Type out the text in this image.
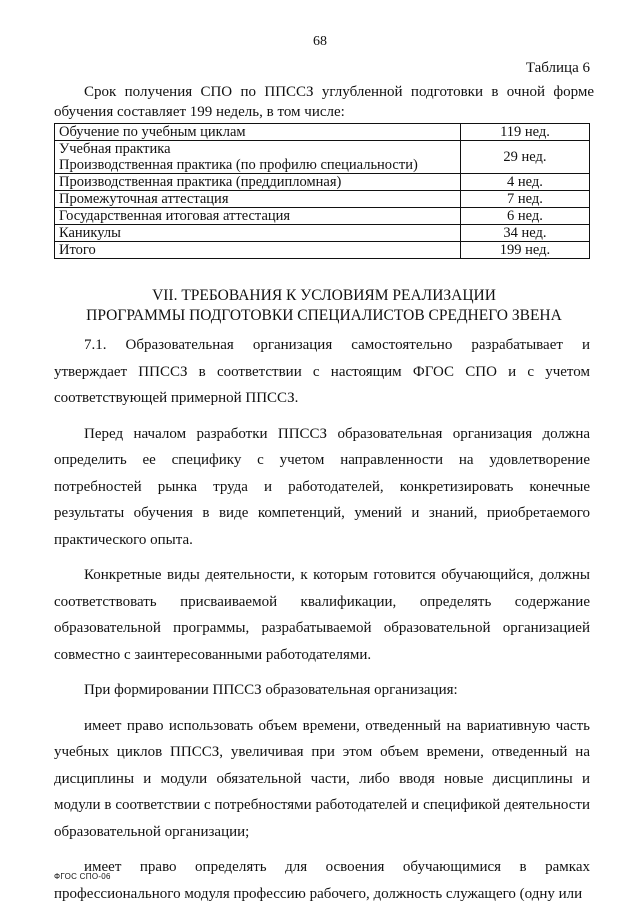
68
Таблица 6

Срок получения СПО по ППССЗ углубленной подготовки в очной форме обучения составляет 199 недель, в том числе:

Обучение по учебным циклам	119 нед.

Учебная практика
Производственная практика (по профилю специальности)	29 нед.
Производственная практика (преддипломная)	4 нед.
Промежуточная аттестация	7 нед.
Государственная итоговая аттестация	6 нед.
Каникулы	34 нед.
Итого	199 нед.
VII. ТРЕБОВАНИЯ К УСЛОВИЯМ РЕАЛИЗАЦИИ
ПРОГРАММЫ ПОДГОТОВКИ СПЕЦИАЛИСТОВ СРЕДНЕГО ЗВЕНА

7.1. Образовательная организация самостоятельно разрабатывает и утверждает ППССЗ в соответствии с настоящим ФГОС СПО и с учетом соответствующей примерной ППССЗ.

Перед началом разработки ППССЗ образовательная организация должна определить ее специфику с учетом направленности на удовлетворение потребностей рынка труда и работодателей, конкретизировать конечные результаты обучения в виде компетенций, умений и знаний, приобретаемого практического опыта.

Конкретные виды деятельности, к которым готовится обучающийся, должны соответствовать присваиваемой квалификации, определять содержание образовательной программы, разрабатываемой образовательной организацией совместно с заинтересованными работодателями.

При формировании ППССЗ образовательная организация:

имеет право использовать объем времени, отведенный на вариативную часть учебных циклов ППССЗ, увеличивая при этом объем времени, отведенный на дисциплины и модули обязательной части, либо вводя новые дисциплины и модули в соответствии с потребностями работодателей и спецификой деятельности образовательной организации;

имеет право определять для освоения обучающимися в рамках профессионального модуля профессию рабочего, должность служащего (одну или

ФГОС СПО-06
